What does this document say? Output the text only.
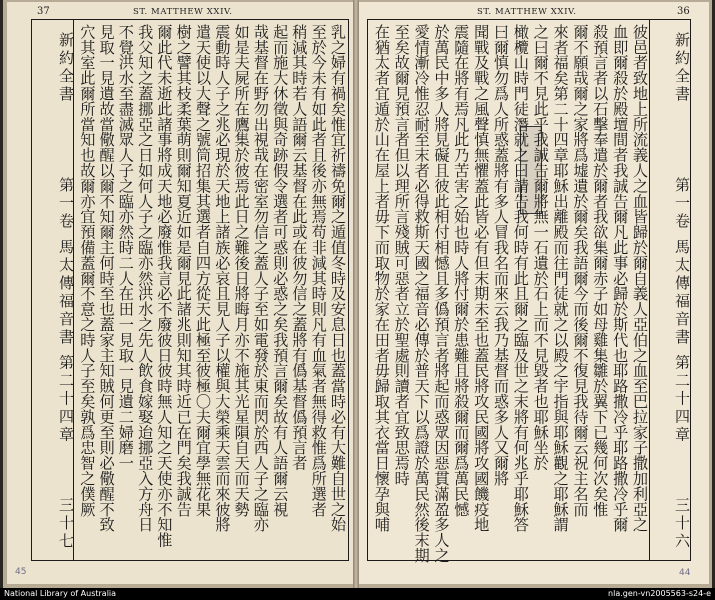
ST. MATTHEW XXIV.
37
新約全書
第一卷 馬太傳福音書 第二十四章
三十七	乳之婦有禍矣惟宜祈禱免爾之遁值冬時及安息日也蓋當時必有大難自世之始
至於今未有如此者且後亦無焉苟非減其時則凡有血氣者無得救惟爲所選者
稍減其時若人語爾云基督在此或在彼勿信之蓋將有僞基督僞預言者
起而施大休徵與奇跡假令選者可惑則必惑之矣我預言爾矣故有人語爾云視
哉基督在野勿出視哉在密室勿信之蓋人子至如電發於東而閃於西人子之臨亦
如是夫屍所在鷹集於彼焉此日之難後日將晦月亦不施其光星隕自天而天勢
震動時人子之兆必現於天地上諸族必哀且見人子以權與大榮乘天雲而來彼將
遣天使以大聲之號筒招集其選者自四方從天此極至彼極〇夫爾宜學無花果
樹之譬其枝柔葉萌則爾知夏近如是爾見此諸兆則知其時近已在門矣我誠告
爾此代未逝此諸事將成天地必廢惟我言必不廢彼日彼時無人知之天使亦不知惟
我父知之蓋挪亞之日如何人子之臨亦然洪水之先人飲食嫁娶迨挪亞入方舟日
不覺洪水至盡滅眾人子之臨亦然時二人在田一見取一見遺二婦磨一
見取一見遺故當儆醒以爾不知爾主何時至也蓋家主知賊何更至則必儆醒不致
穴其室此爾所當知也故爾亦宜預備蓋爾不意之時人子至矣孰爲忠智之僕厥
45
ST. MATTHEW XXIV.	36
新約全書
第一卷 馬太傳福音書 第二十四章
三十六
彼邑者致地上所流義人之血皆歸於爾自義人亞伯之血至巴拉家子撒加利亞之
血即爾殺於殿壇間者我誠告爾凡此事必歸於斯代也耶路撒冷乎耶路撒冷乎爾
殺預言者以石擊奉遣於爾者我欲集爾赤子如母雞集雛於翼下已幾何次矣惟
爾不願哉爾之家將爲墟遺於爾矣我語爾今而後爾不復見我待爾云祝主名而
來者福矣第二十四章耶穌出離殿而往門徒就之以殿之宇指與耶穌觀之耶穌謂
之曰爾不見此乎我誠告爾將無一石遺於石上而不見毀者也耶穌坐於
橄欖山時門徒潛就之曰請告我何時有此且爾之臨及世之末將有何兆乎耶穌答
曰爾慎勿爲人所惑蓋將有多人冒我名而來云我乃基督而惑多人又爾將
聞戰及戰之風聲慎無懼蓋此皆必有但末期未至也蓋民將攻民國將攻國饑疫地
震隨在將有焉凡此乃苦害之始也時人將付爾於患難且將殺爾而爾爲萬民憾
於萬民中多人將見礙且彼此相付相憾且多僞預言者將起而惑眾因惡貫滿盈多人之
愛情漸冷惟忍耐至末者必得救斯天國之福音必傳於普天下以爲證於萬民然後末期
至矣故爾見預言者但以理所言殘賊可惡者立於聖處則讀者宜致思焉時
在猶太者宜遁於山在屋上者毋下而取物於家在田者毋歸取其衣當日懷孕與哺
44
National Library of Australia	nla.gen-vn2005563-s24-e
